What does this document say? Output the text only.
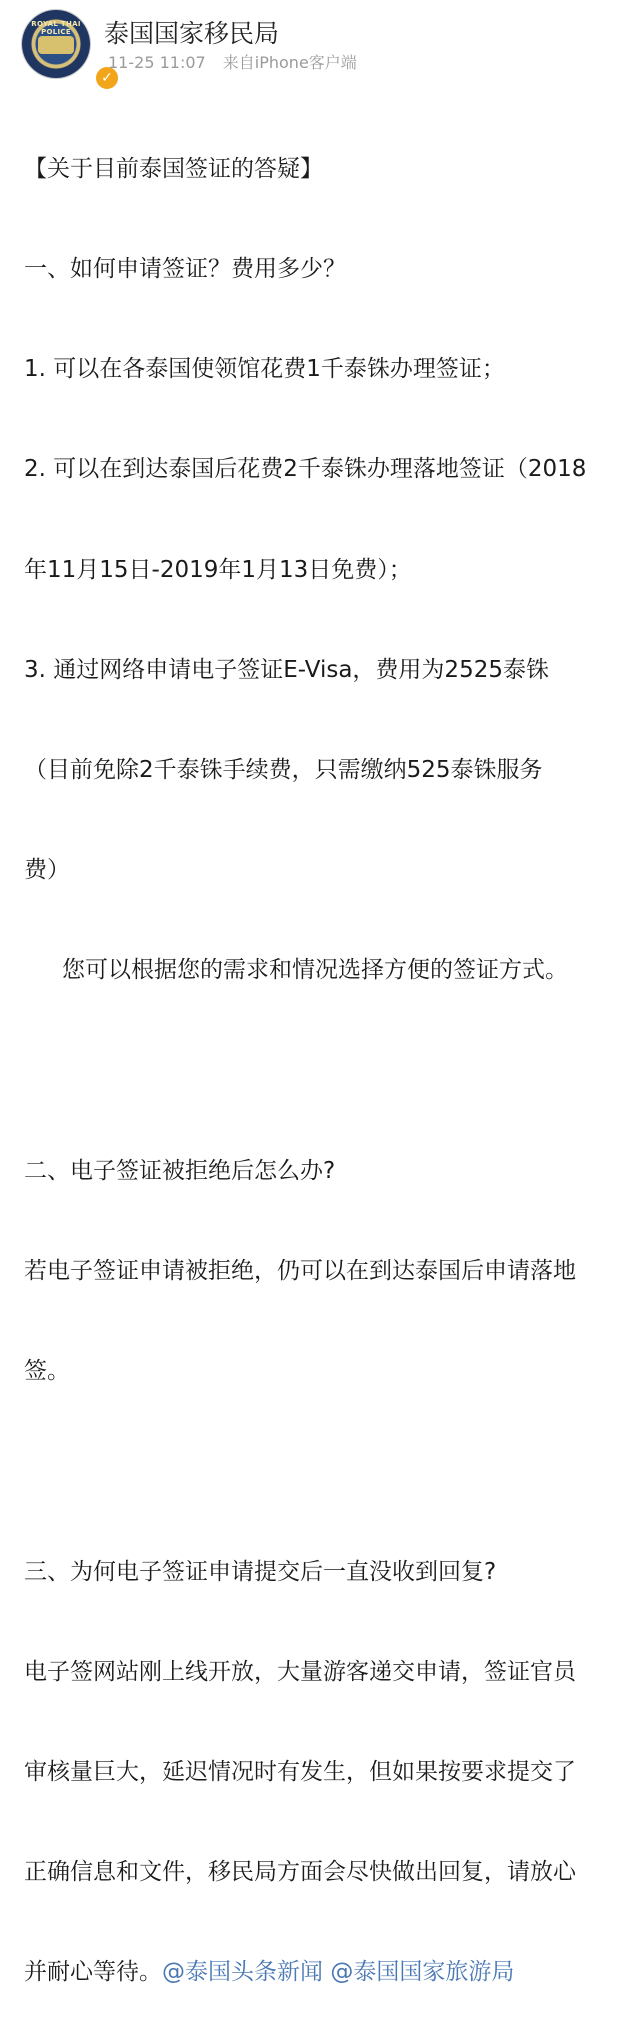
ROYAL THAI POLICE
✓
泰国国家移民局
11-25 11:07 来自iPhone客户端

【关于目前泰国签证的答疑】

一、如何申请签证？费用多少？

1. 可以在各泰国使领馆花费1千泰铢办理签证；

2. 可以在到达泰国后花费2千泰铢办理落地签证（2018

年11月15日-2019年1月13日免费）；

3. 通过网络申请电子签证E-Visa，费用为2525泰铢

（目前免除2千泰铢手续费，只需缴纳525泰铢服务

费）

您可以根据您的需求和情况选择方便的签证方式。

二、电子签证被拒绝后怎么办?

若电子签证申请被拒绝，仍可以在到达泰国后申请落地

签。

三、为何电子签证申请提交后一直没收到回复?

电子签网站刚上线开放，大量游客递交申请，签证官员

审核量巨大，延迟情况时有发生，但如果按要求提交了

正确信息和文件，移民局方面会尽快做出回复，请放心

并耐心等待。@泰国头条新闻 @泰国国家旅游局
